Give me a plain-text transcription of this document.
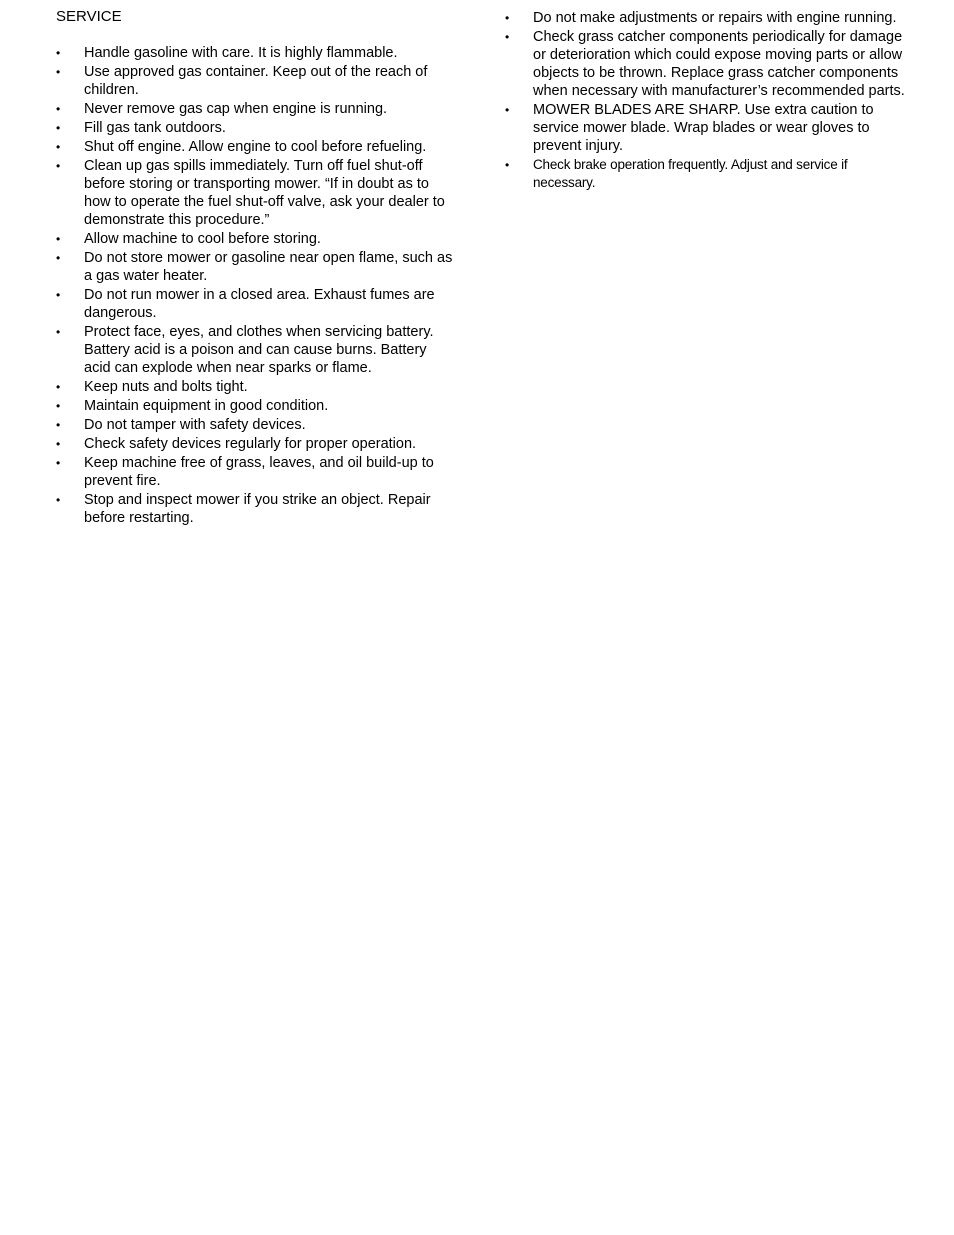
SERVICE
•	Handle gasoline with care. It is highly flammable.
•	Use approved gas container. Keep out of the reach of children.
•	Never remove gas cap when engine is running.
•	Fill gas tank outdoors.
•	Shut off engine. Allow engine to cool before refueling.
•	Clean up gas spills immediately. Turn off fuel shut-off before storing or transporting mower. “If in doubt as to how to operate the fuel shut-off valve, ask your dealer to demonstrate this procedure.”
•	Allow machine to cool before storing.
•	Do not store mower or gasoline near open flame, such as a gas water heater.
•	Do not run mower in a closed area. Exhaust fumes are dangerous.
•	Protect face, eyes, and clothes when servicing battery. Battery acid is a poison and can cause burns. Battery acid can explode when near sparks or flame.
•	Keep nuts and bolts tight.
•	Maintain equipment in good condition.
•	Do not tamper with safety devices.
•	Check safety devices regularly for proper operation.
•	Keep machine free of grass, leaves, and oil build-up to prevent fire.
•	Stop and inspect mower if you strike an object. Repair before restarting.
•	Do not make adjustments or repairs with engine running.
•	Check grass catcher components periodically for damage or deterioration which could expose moving parts or allow objects to be thrown. Replace grass catcher components when necessary with manufacturer’s recommended parts.
•	MOWER BLADES ARE SHARP. Use extra caution to service mower blade. Wrap blades or wear gloves to prevent injury.
•	Check brake operation frequently. Adjust and service if necessary.
